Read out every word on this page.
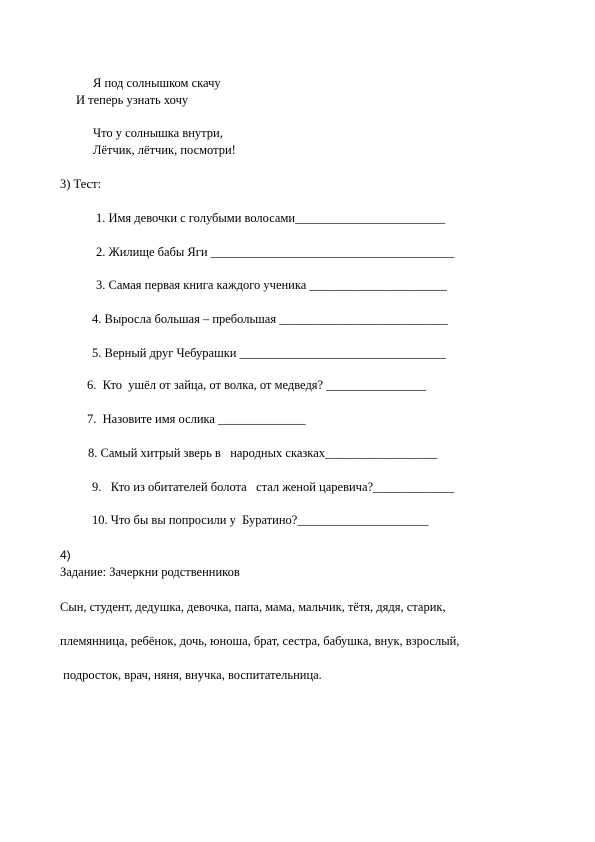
Я под солнышком скачу
И теперь узнать хочу
Что у солнышка внутри,
Лётчик, лётчик, посмотри!
3) Тест:
1. Имя девочки с голубыми волосами________________________
2. Жилище бабы Яги _______________________________________
3. Самая первая книга каждого ученика ______________________
4. Выросла большая – пребольшая ___________________________
5. Верный друг Чебурашки _________________________________
6.  Кто  ушёл от зайца, от волка, от медведя? ________________
7.  Назовите имя ослика ______________
8. Самый хитрый зверь в   народных сказках__________________
9.   Кто из обитателей болота   стал женой царевича?_____________
10. Что бы вы попросили у  Буратино?_____________________
4)
Задание: Зачеркни родственников
Сын, студент, дедушка, девочка, папа, мама, мальчик, тётя, дядя, старик,
племянница, ребёнок, дочь, юноша, брат, сестра, бабушка, внук, взрослый,
подросток, врач, няня, внучка, воспитательница.
